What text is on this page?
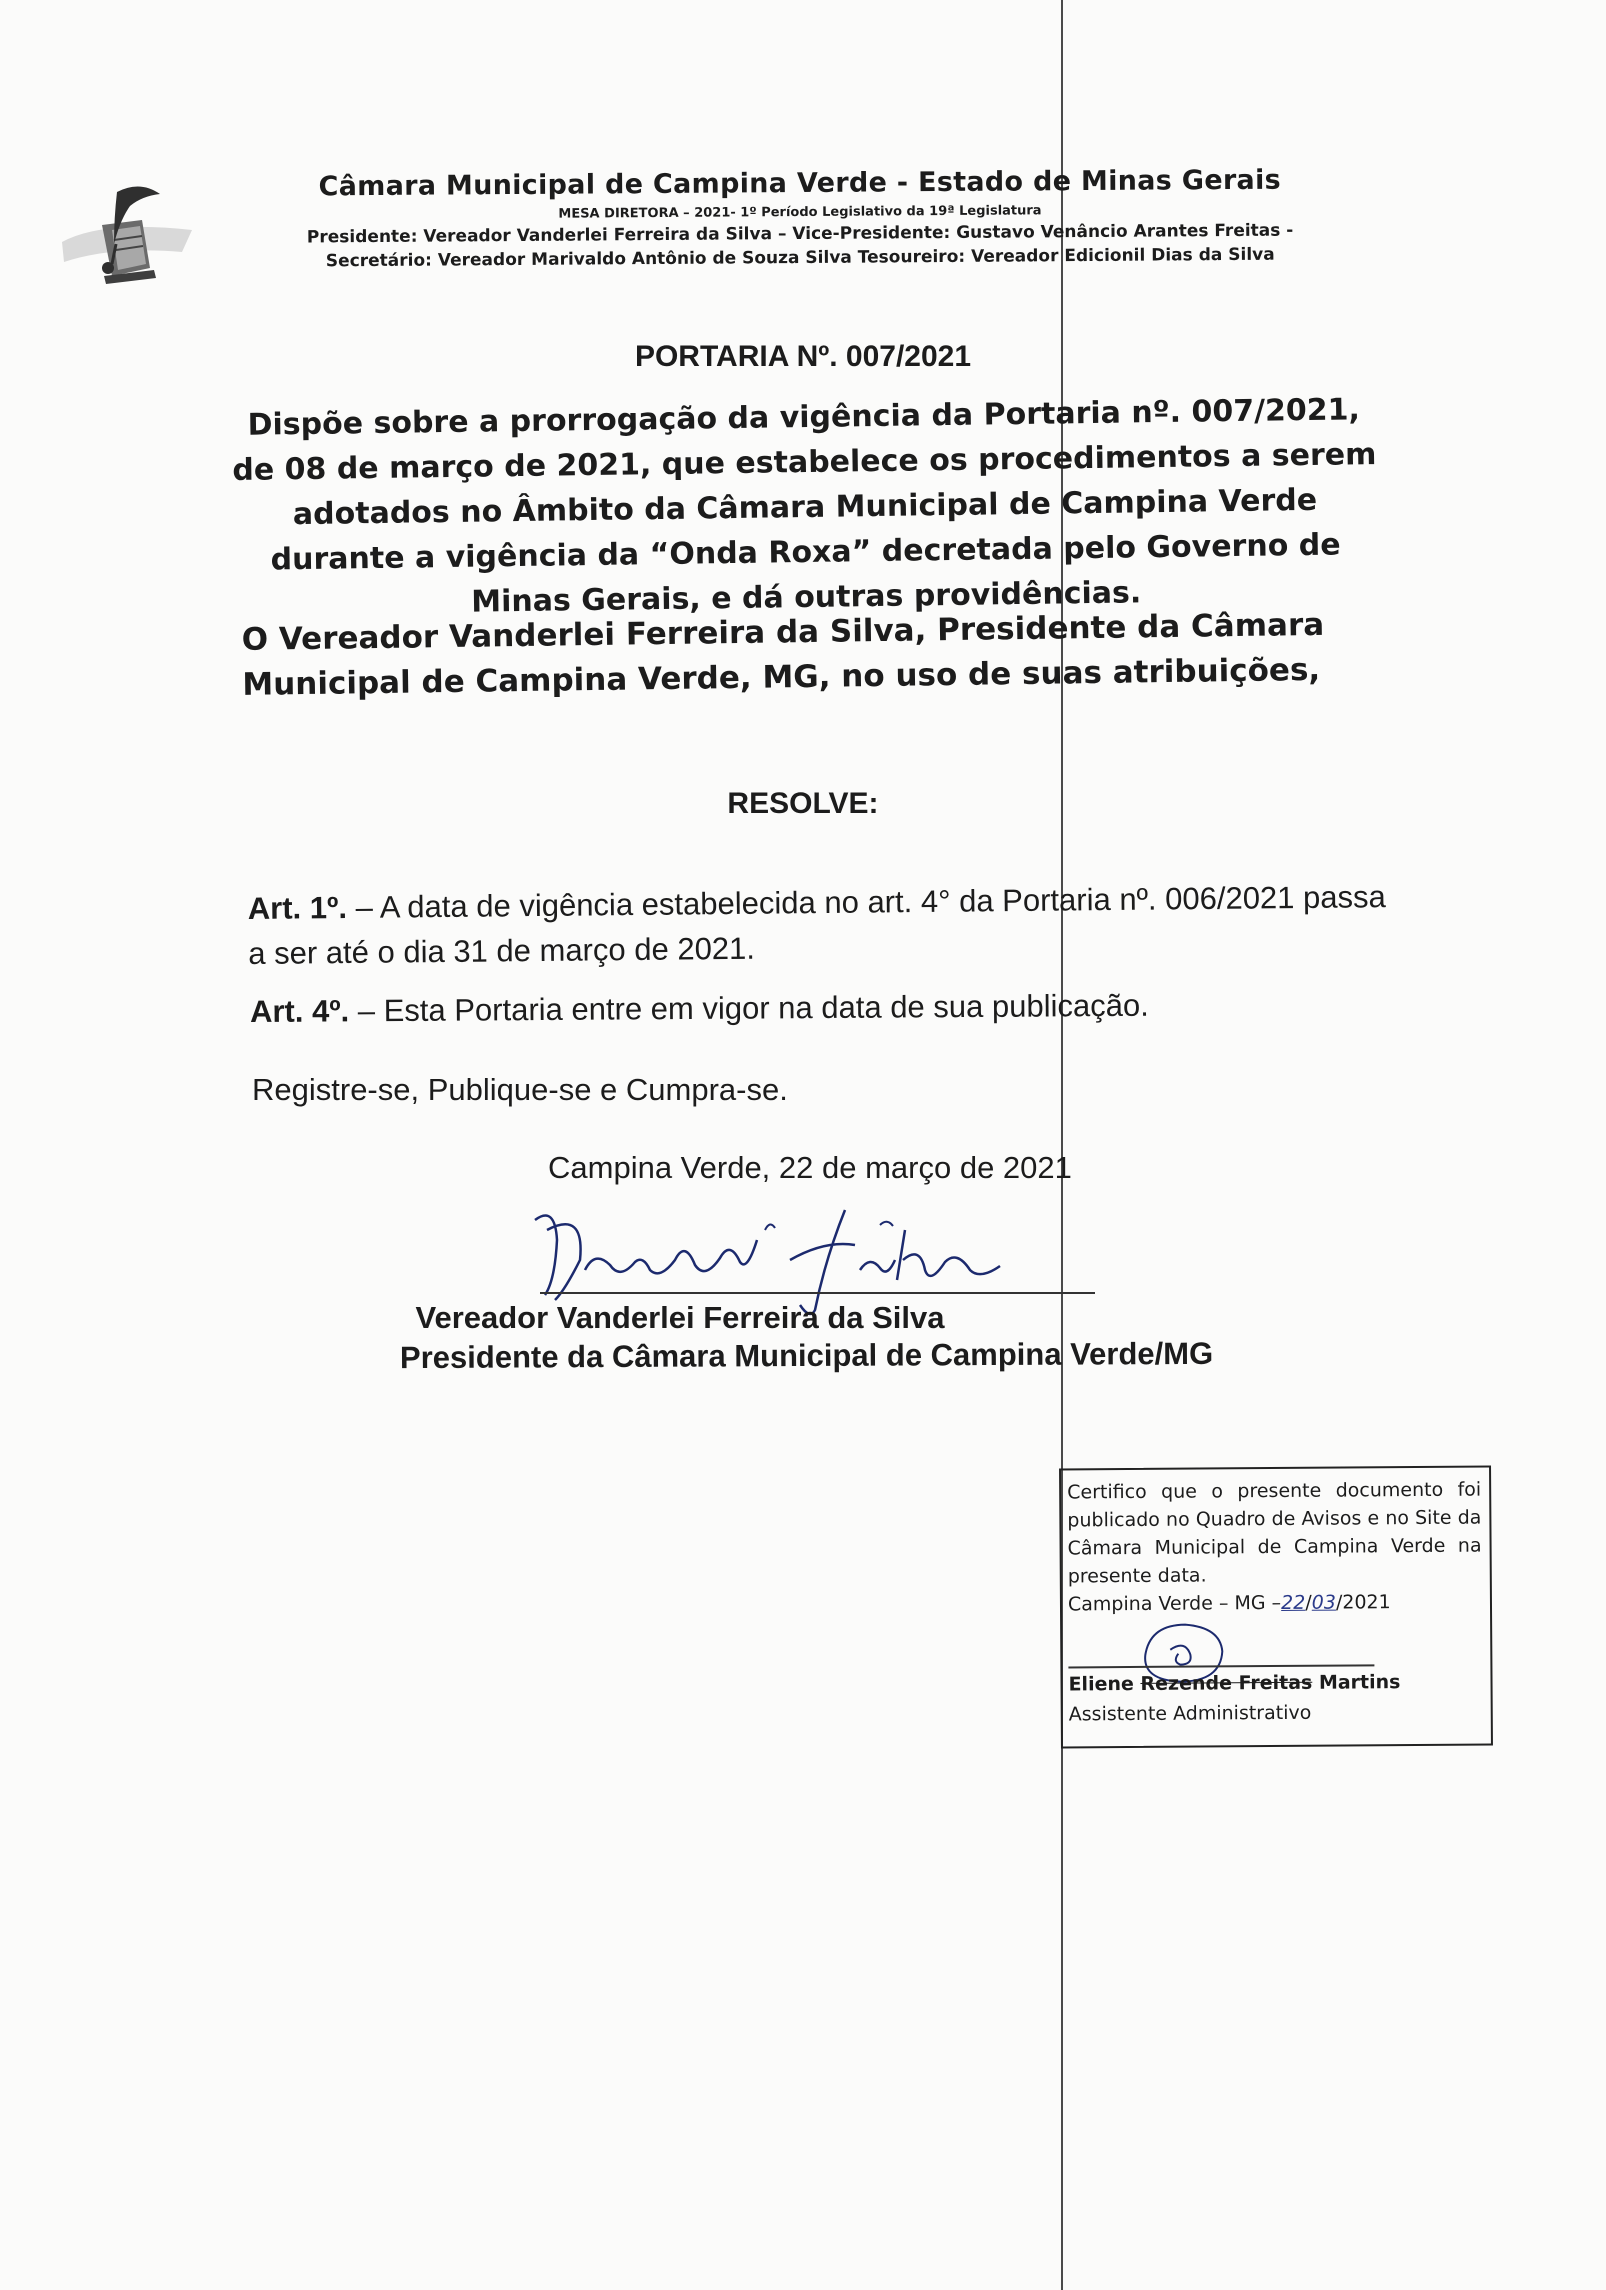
Câmara Municipal de Campina Verde - Estado de Minas Gerais
MESA DIRETORA – 2021- 1º Período Legislativo da 19ª Legislatura
Presidente: Vereador Vanderlei Ferreira da Silva – Vice-Presidente: Gustavo Venâncio Arantes Freitas -
Secretário: Vereador Marivaldo Antônio de Souza Silva Tesoureiro: Vereador Edicionil Dias da Silva
PORTARIA Nº. 007/2021
Dispõe sobre a prorrogação da vigência da Portaria nº. 007/2021, de 08 de março de 2021, que estabelece os procedimentos a serem adotados no Âmbito da Câmara Municipal de Campina Verde durante a vigência da “Onda Roxa” decretada pelo Governo de Minas Gerais, e dá outras providências.
O Vereador Vanderlei Ferreira da Silva, Presidente da Câmara Municipal de Campina Verde, MG, no uso de suas atribuições,
RESOLVE:
Art. 1º. – A data de vigência estabelecida no art. 4° da Portaria nº. 006/2021 passa a ser até o dia 31 de março de 2021.
Art. 4º. – Esta Portaria entre em vigor na data de sua publicação.
Registre-se, Publique-se e Cumpra-se.
Campina Verde, 22 de março de 2021
Vereador Vanderlei Ferreira da Silva
Presidente da Câmara Municipal de Campina Verde/MG

Certifico que o presente documento foi publicado no Quadro de Avisos e no Site da Câmara Municipal de Campina Verde na presente data.

Campina Verde – MG –22/03/2021

Eliene Rezende Freitas Martins
Assistente Administrativo
